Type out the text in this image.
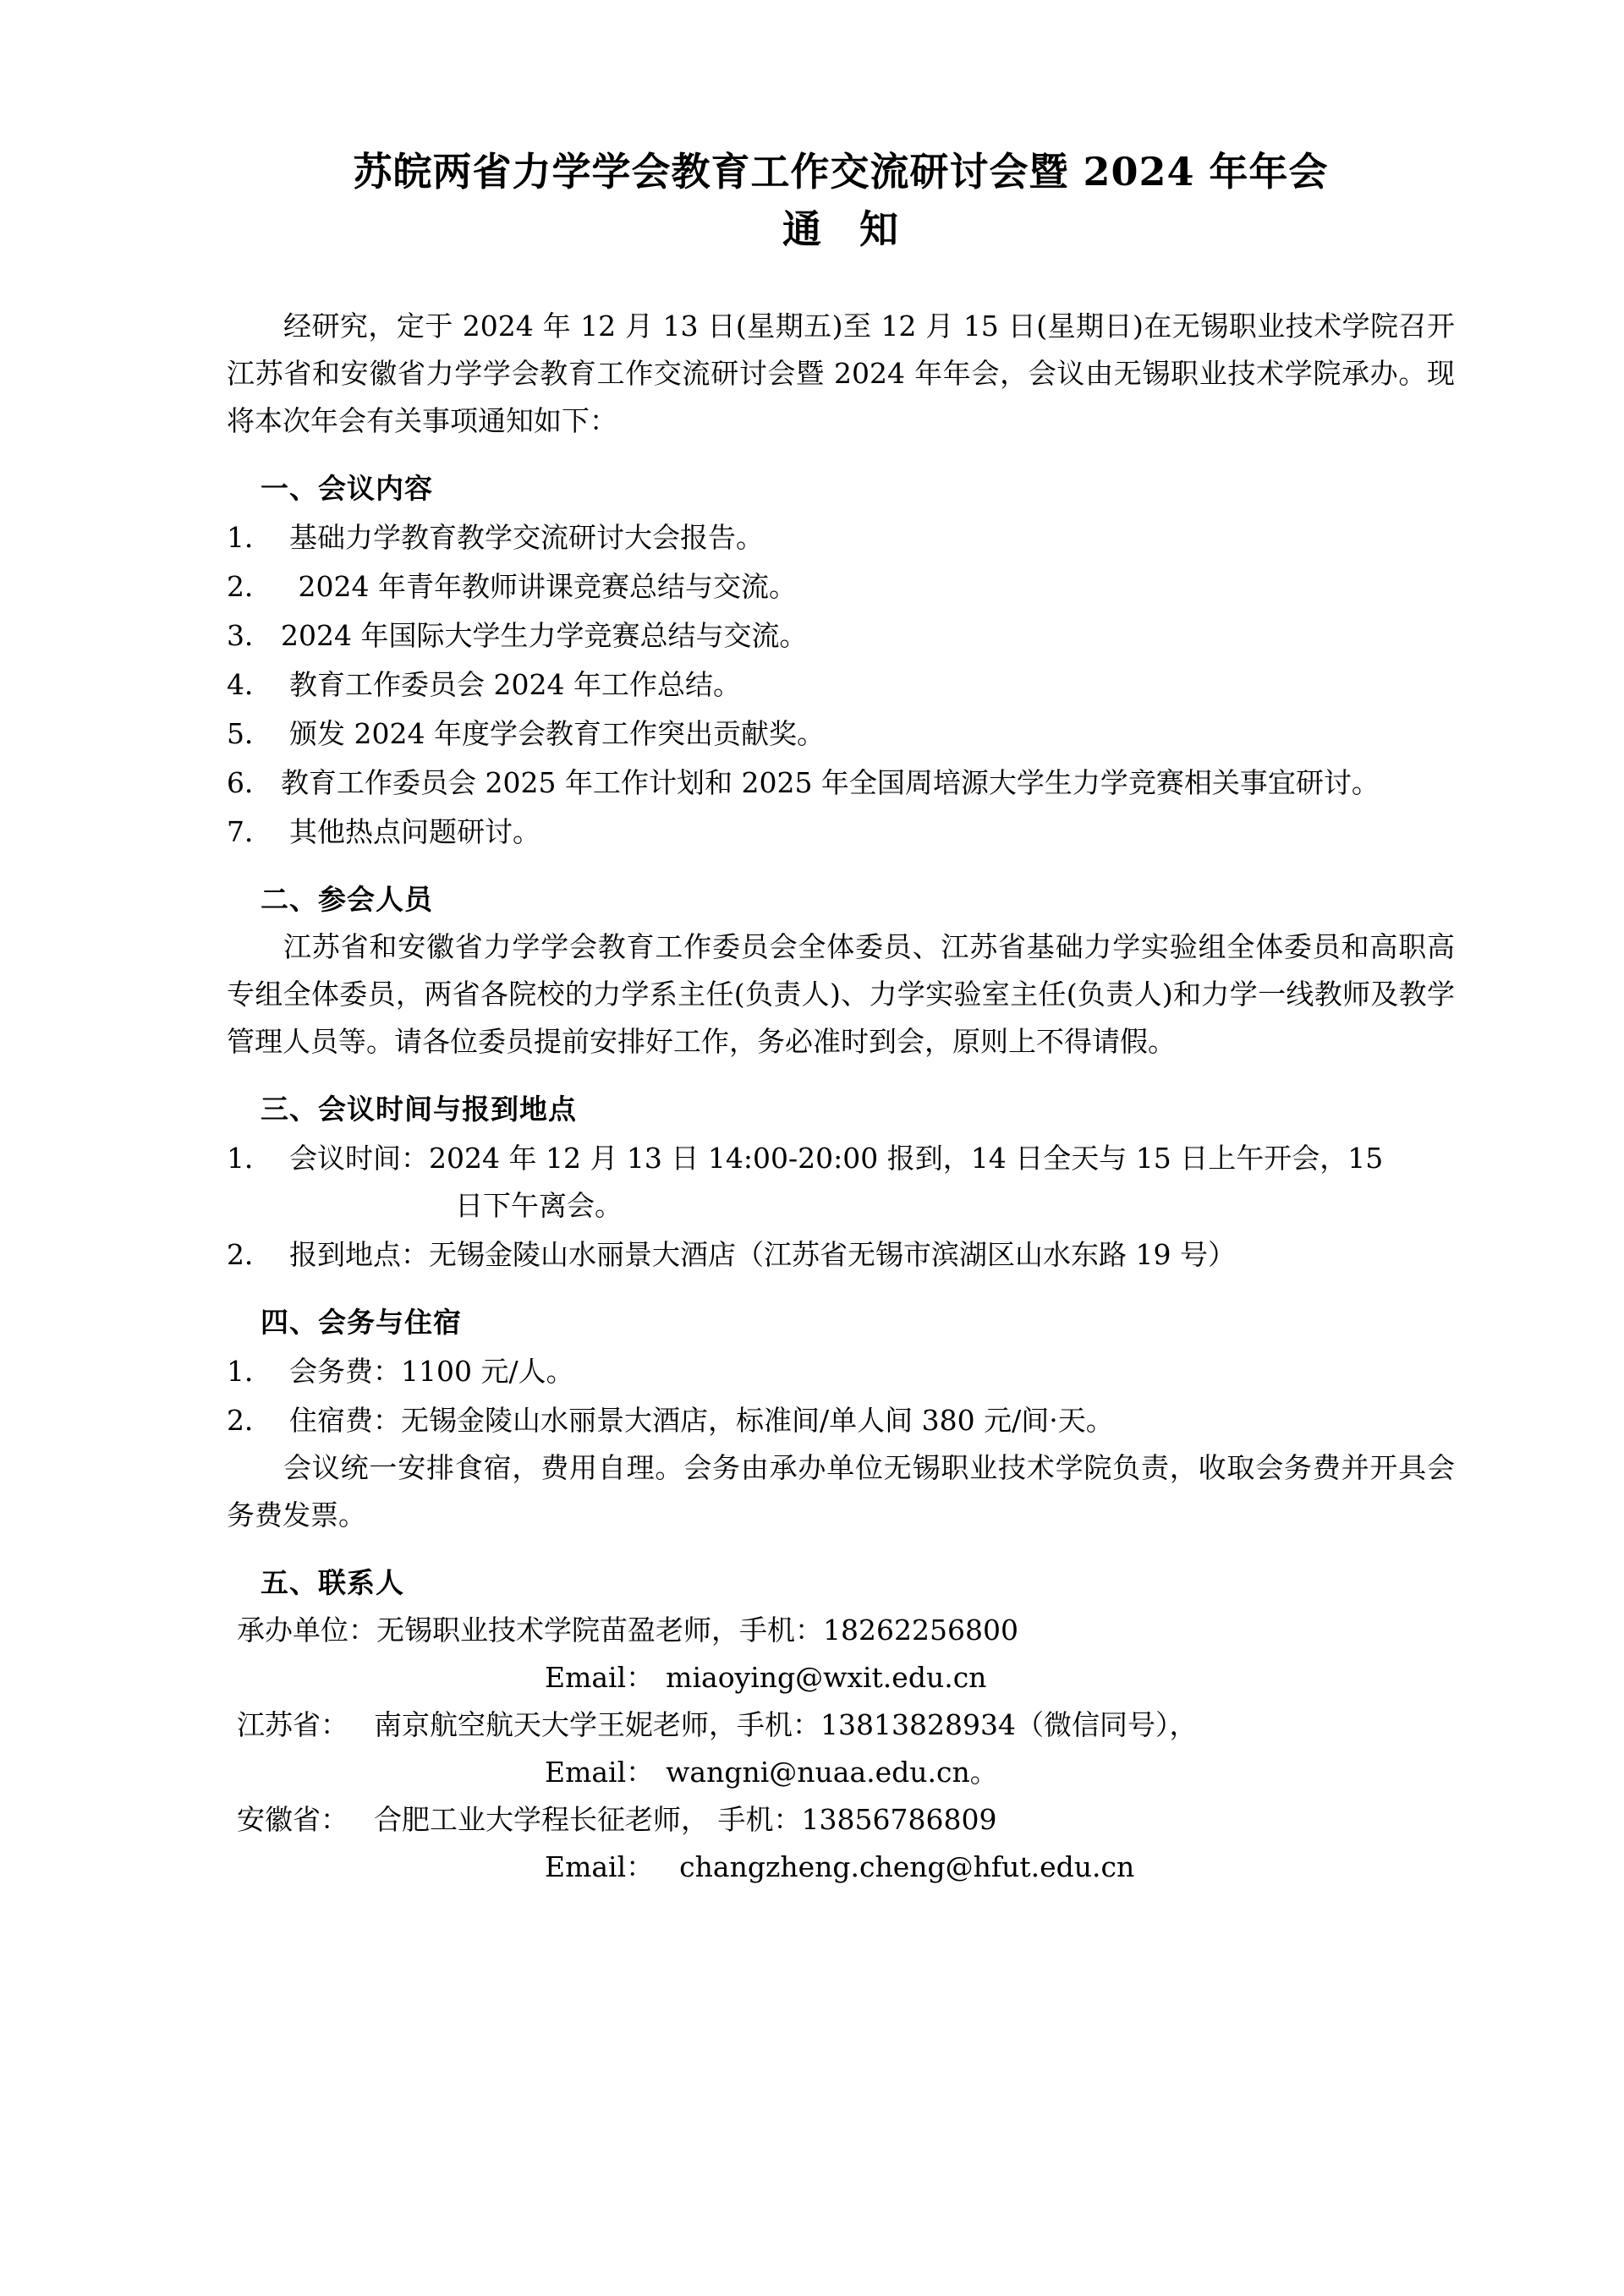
苏皖两省力学学会教育工作交流研讨会暨 2024 年年会
通 知

经研究，定于 2024 年 12 月 13 日(星期五)至 12 月 15 日(星期日)在无锡职业技术学院召开江苏省和安徽省力学学会教育工作交流研讨会暨 2024 年年会，会议由无锡职业技术学院承办。现将本次年会有关事项通知如下：

一、会议内容

1． 基础力学教育教学交流研讨大会报告。

2． 2024 年青年教师讲课竞赛总结与交流。

3． 2024 年国际大学生力学竞赛总结与交流。

4． 教育工作委员会 2024 年工作总结。

5． 颁发 2024 年度学会教育工作突出贡献奖。

6． 教育工作委员会 2025 年工作计划和 2025 年全国周培源大学生力学竞赛相关事宜研讨。

7． 其他热点问题研讨。

二、参会人员

江苏省和安徽省力学学会教育工作委员会全体委员、江苏省基础力学实验组全体委员和高职高专组全体委员，两省各院校的力学系主任(负责人)、力学实验室主任(负责人)和力学一线教师及教学管理人员等。请各位委员提前安排好工作，务必准时到会，原则上不得请假。

三、会议时间与报到地点

1． 会议时间：2024 年 12 月 13 日 14:00-20:00 报到，14 日全天与 15 日上午开会，15

日下午离会。

2． 报到地点：无锡金陵山水丽景大酒店（江苏省无锡市滨湖区山水东路 19 号）

四、会务与住宿

1． 会务费：1100 元/人。

2． 住宿费：无锡金陵山水丽景大酒店，标准间/单人间 380 元/间·天。

会议统一安排食宿，费用自理。会务由承办单位无锡职业技术学院负责，收取会务费并开具会务费发票。

五、联系人

承办单位：无锡职业技术学院苗盈老师，手机：18262256800

Email： miaoying@wxit.edu.cn

江苏省： 南京航空航天大学王妮老师，手机：13813828934（微信同号），

Email： wangni@nuaa.edu.cn。

安徽省： 合肥工业大学程长征老师， 手机：13856786809

Email： changzheng.cheng@hfut.edu.cn
